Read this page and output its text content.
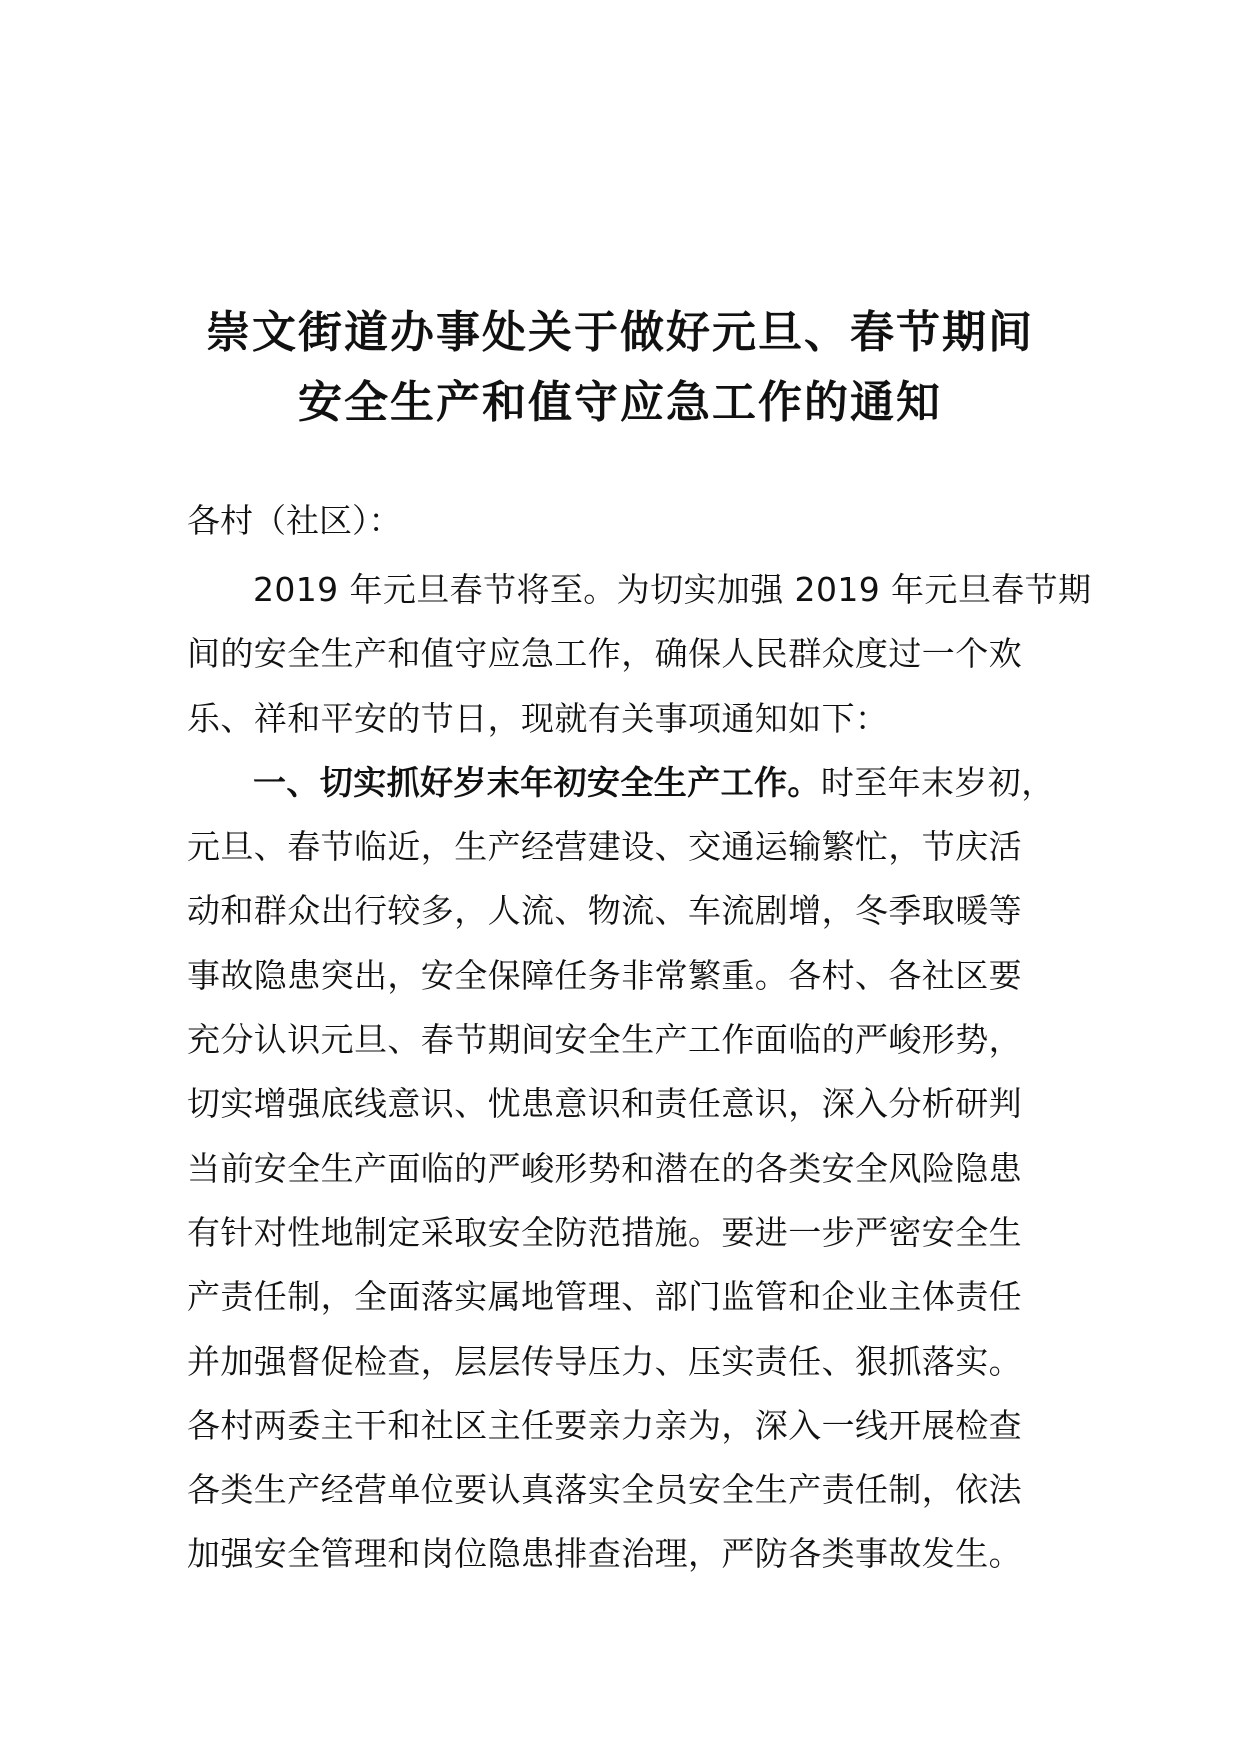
崇文街道办事处关于做好元旦、春节期间
安全生产和值守应急工作的通知
各村（社区）：
2019 年元旦春节将至。为切实加强 2019 年元旦春节期
间的安全生产和值守应急工作，确保人民群众度过一个欢
乐、祥和平安的节日，现就有关事项通知如下：
一、切实抓好岁末年初安全生产工作。时至年末岁初，
元旦、春节临近，生产经营建设、交通运输繁忙，节庆活
动和群众出行较多，人流、物流、车流剧增，冬季取暖等
事故隐患突出，安全保障任务非常繁重。各村、各社区要
充分认识元旦、春节期间安全生产工作面临的严峻形势，
切实增强底线意识、忧患意识和责任意识，深入分析研判
当前安全生产面临的严峻形势和潜在的各类安全风险隐患
有针对性地制定采取安全防范措施。要进一步严密安全生
产责任制，全面落实属地管理、部门监管和企业主体责任
并加强督促检查，层层传导压力、压实责任、狠抓落实。
各村两委主干和社区主任要亲力亲为，深入一线开展检查
各类生产经营单位要认真落实全员安全生产责任制，依法
加强安全管理和岗位隐患排查治理，严防各类事故发生。
